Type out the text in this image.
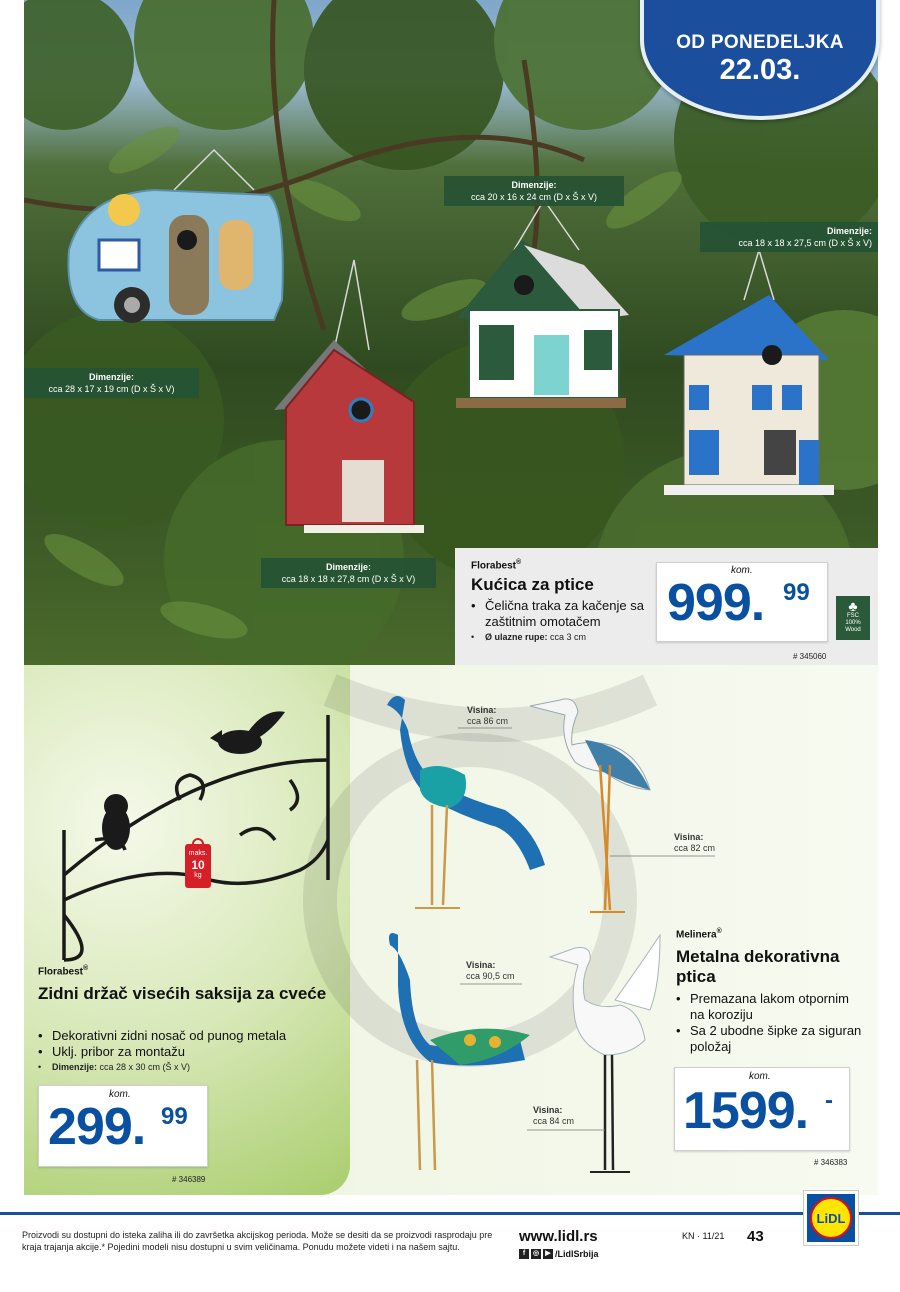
Dimenzije:
cca 28 x 17 x 19 cm (D x Š x V)
Dimenzije:
cca 18 x 18 x 27,8 cm (D x Š x V)
Dimenzije:
cca 20 x 16 x 24 cm (D x Š x V)
Dimenzije:
cca 18 x 18 x 27,5 cm (D x Š x V)
OD PONEDELJKA
22.03.
Florabest®
Kućica za ptice
• Čelična traka za kačenje sa zaštitnim omotačem
• Ø ulazne rupe: cca 3 cm
kom.
999. 99	♣
FSC
100%
Wood
# 345060
maks.
10
kg
Visina:
cca 86 cm
Visina:
cca 82 cm
Visina:
cca 90,5 cm
Visina:
cca 84 cm
Florabest®
Zidni držač visećih saksija za cveće
• Dekorativni zidni nosač od punog metala
• Uklj. pribor za montažu
• Dimenzije: cca 28 x 30 cm (Š x V)
kom.
299. 99
# 346389
Melinera®
Metalna dekorativna ptica
• Premazana lakom otpornim na koroziju
• Sa 2 ubodne šipke za siguran položaj
kom.
1599. -
# 346383
LiDL
Proizvodi su dostupni do isteka zaliha ili do završetka akcijskog perioda. Može se desiti da se proizvodi rasprodaju pre kraja trajanja akcije.* Pojedini modeli nisu dostupni u svim veličinama. Ponudu možete videti i na našem sajtu.
www.lidl.rs
f	◎ ▶ /LidlSrbija
KN · 11/21 43
